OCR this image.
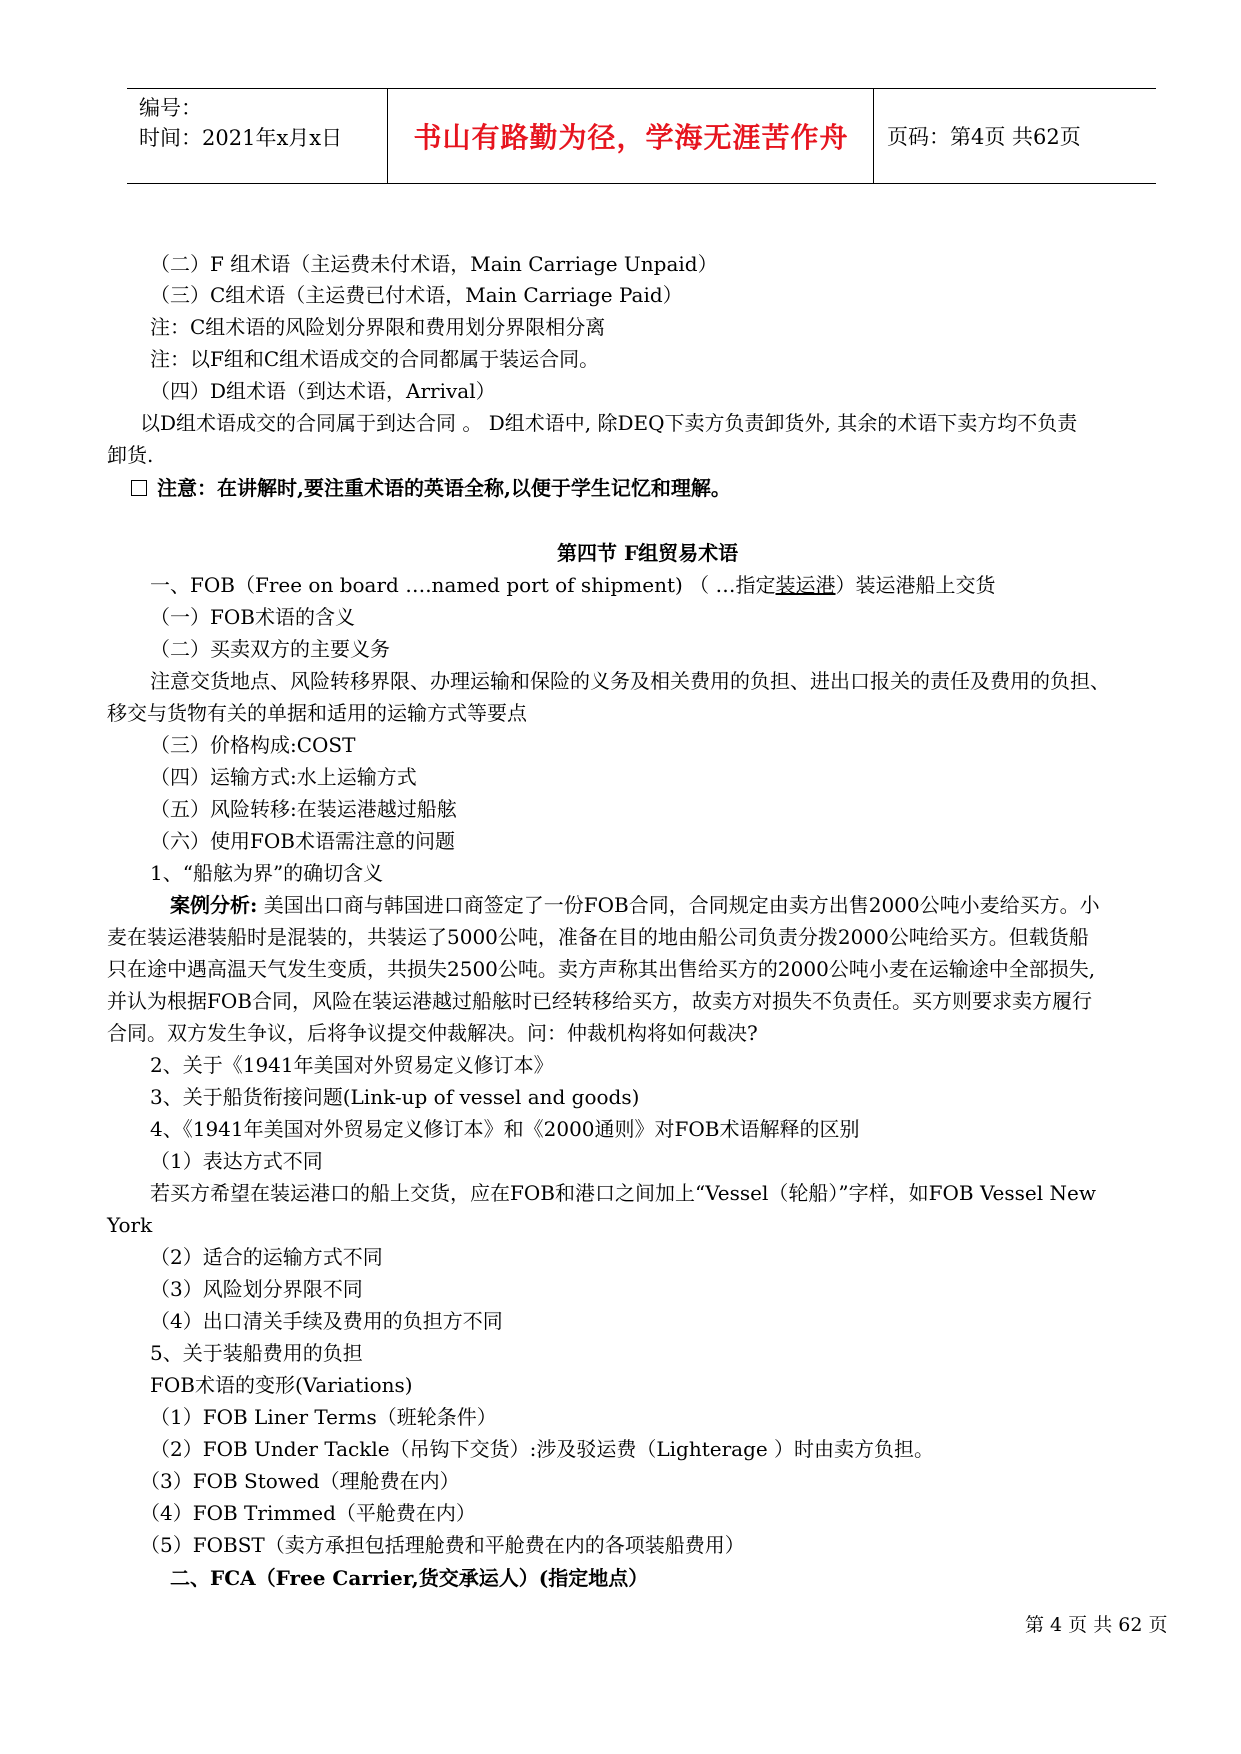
编号：
时间：2021年x月x日	书山有路勤为径，学海无涯苦作舟	页码：第4页 共62页
（二）F 组术语（主运费未付术语，Main Carriage Unpaid）
（三）C组术语（主运费已付术语，Main Carriage Paid）
注：C组术语的风险划分界限和费用划分界限相分离
注：以F组和C组术语成交的合同都属于装运合同。
（四）D组术语（到达术语，Arrival）
以D组术语成交的合同属于到达合同 。 D组术语中, 除DEQ下卖方负责卸货外, 其余的术语下卖方均不负责
卸货.
注意：在讲解时,要注重术语的英语全称,以便于学生记忆和理解。
第四节 F组贸易术语
一、FOB（Free on board ….named port of shipment) （ …指定装运港）装运港船上交货
（一）FOB术语的含义
（二）买卖双方的主要义务
注意交货地点、风险转移界限、办理运输和保险的义务及相关费用的负担、进出口报关的责任及费用的负担、
移交与货物有关的单据和适用的运输方式等要点
（三）价格构成:COST
（四）运输方式:水上运输方式
（五）风险转移:在装运港越过船舷
（六）使用FOB术语需注意的问题
1、“船舷为界”的确切含义
案例分析: 美国出口商与韩国进口商签定了一份FOB合同，合同规定由卖方出售2000公吨小麦给买方。小
麦在装运港装船时是混装的，共装运了5000公吨，准备在目的地由船公司负责分拨2000公吨给买方。但载货船
只在途中遇高温天气发生变质，共损失2500公吨。卖方声称其出售给买方的2000公吨小麦在运输途中全部损失,
并认为根据FOB合同，风险在装运港越过船舷时已经转移给买方，故卖方对损失不负责任。买方则要求卖方履行
合同。双方发生争议，后将争议提交仲裁解决。问：仲裁机构将如何裁决?
2、关于《1941年美国对外贸易定义修订本》
3、关于船货衔接问题(Link-up of vessel and goods)
4、《1941年美国对外贸易定义修订本》和《2000通则》对FOB术语解释的区别
（1）表达方式不同
若买方希望在装运港口的船上交货，应在FOB和港口之间加上“Vessel（轮船）”字样，如FOB Vessel New
York
（2）适合的运输方式不同
（3）风险划分界限不同
（4）出口清关手续及费用的负担方不同
5、关于装船费用的负担
FOB术语的变形(Variations)
（1）FOB Liner Terms（班轮条件）
（2）FOB Under Tackle（吊钩下交货）:涉及驳运费（Lighterage ）时由卖方负担。
（3）FOB Stowed（理舱费在内）
（4）FOB Trimmed（平舱费在内）
（5）FOBST（卖方承担包括理舱费和平舱费在内的各项装船费用）
二、FCA（Free Carrier,货交承运人）(指定地点）
第 4 页 共 62 页
